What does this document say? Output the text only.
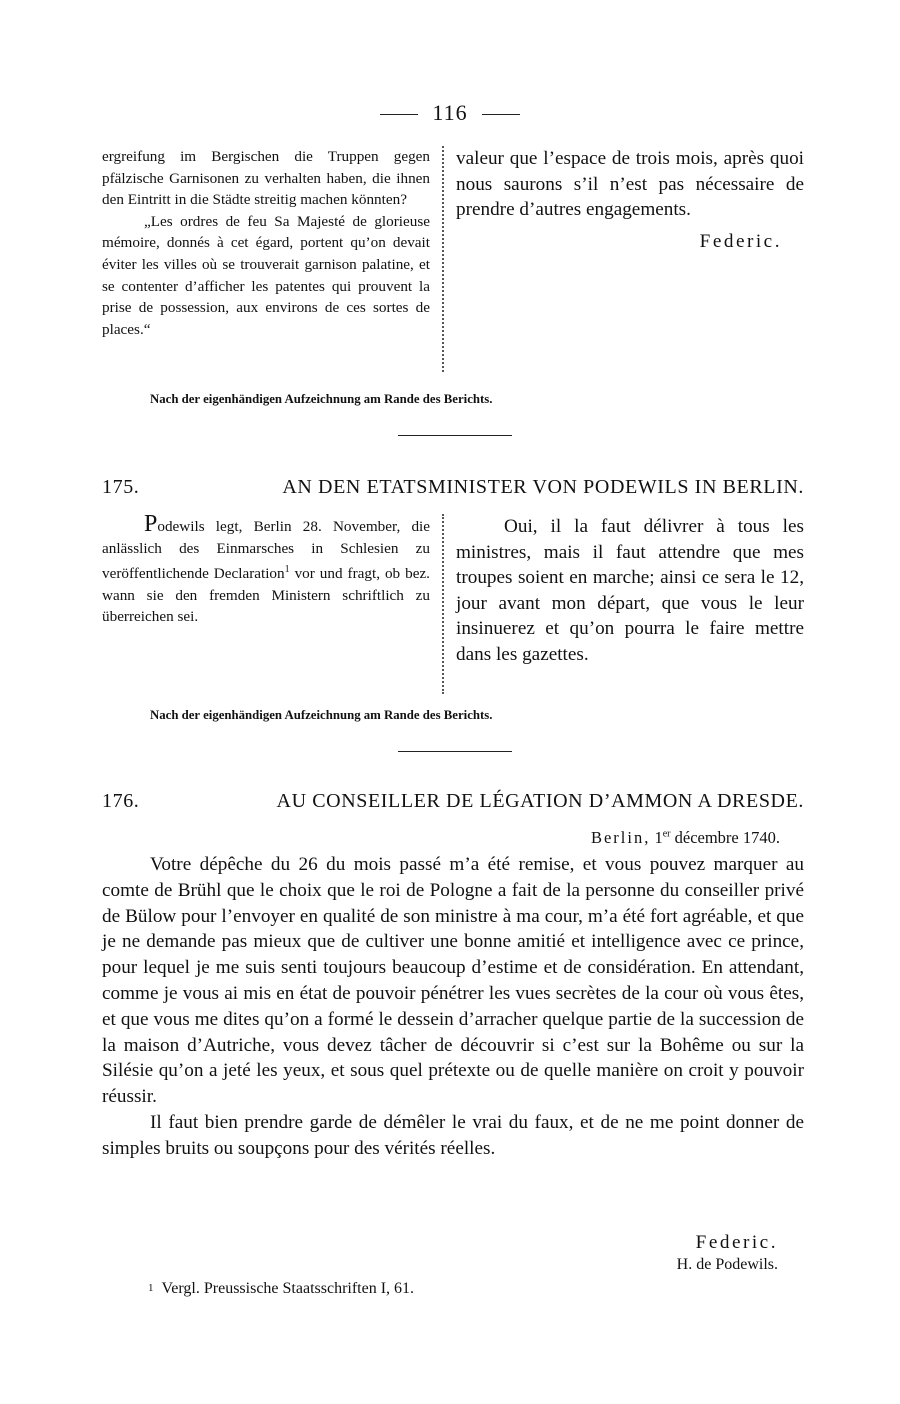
116

ergreifung im Bergischen die Truppen gegen pfälzische Garnisonen zu verhalten haben, die ihnen den Eintritt in die Städte streitig machen könnten?

„Les ordres de feu Sa Majesté de glorieuse mémoire, donnés à cet égard, portent qu’on devait éviter les villes où se trouverait garnison palatine, et se contenter d’afficher les patentes qui prouvent la prise de possession, aux environs de ces sortes de places.“

valeur que l’espace de trois mois, après quoi nous saurons s’il n’est pas nécessaire de prendre d’autres engagements.

Federic.
Nach der eigenhändigen Aufzeichnung am Rande des Berichts.
175.	AN DEN ETATSMINISTER VON PODEWILS IN BERLIN.

Podewils legt, Berlin 28. November, die anlässlich des Einmarsches in Schlesien zu veröffentlichende Declaration$^1$ vor und fragt, ob bez. wann sie den fremden Ministern schriftlich zu überreichen sei.

Oui, il la faut délivrer à tous les ministres, mais il faut attendre que mes troupes soient en marche; ainsi ce sera le 12, jour avant mon départ, que vous le leur insinuerez et qu’on pourra le faire mettre dans les gazettes.

Nach der eigenhändigen Aufzeichnung am Rande des Berichts.
176.	AU CONSEILLER DE LÉGATION D’AMMON A DRESDE.
Berlin, 1er décembre 1740.

Votre dépêche du 26 du mois passé m’a été remise, et vous pouvez marquer au comte de Brühl que le choix que le roi de Pologne a fait de la personne du conseiller privé de Bülow pour l’envoyer en qualité de son ministre à ma cour, m’a été fort agréable, et que je ne demande pas mieux que de cultiver une bonne amitié et intelligence avec ce prince, pour lequel je me suis senti toujours beaucoup d’estime et de considération. En attendant, comme je vous ai mis en état de pouvoir pénétrer les vues secrètes de la cour où vous êtes, et que vous me dites qu’on a formé le dessein d’arracher quelque partie de la succession de la maison d’Autriche, vous devez tâcher de découvrir si c’est sur la Bohême ou sur la Silésie qu’on a jeté les yeux, et sous quel prétexte ou de quelle manière on croit y pouvoir réussir.

Il faut bien prendre garde de démêler le vrai du faux, et de ne me point donner de simples bruits ou soupçons pour des vérités réelles.

Federic.
H. de Podewils.
1 Vergl. Preussische Staatsschriften I, 61.
